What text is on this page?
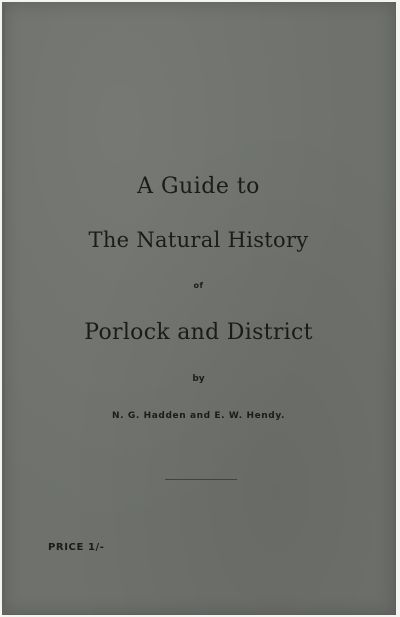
A Guide to
The Natural History
of
Porlock and District
by
N. G. Hadden and E. W. Hendy.
PRICE 1/-
